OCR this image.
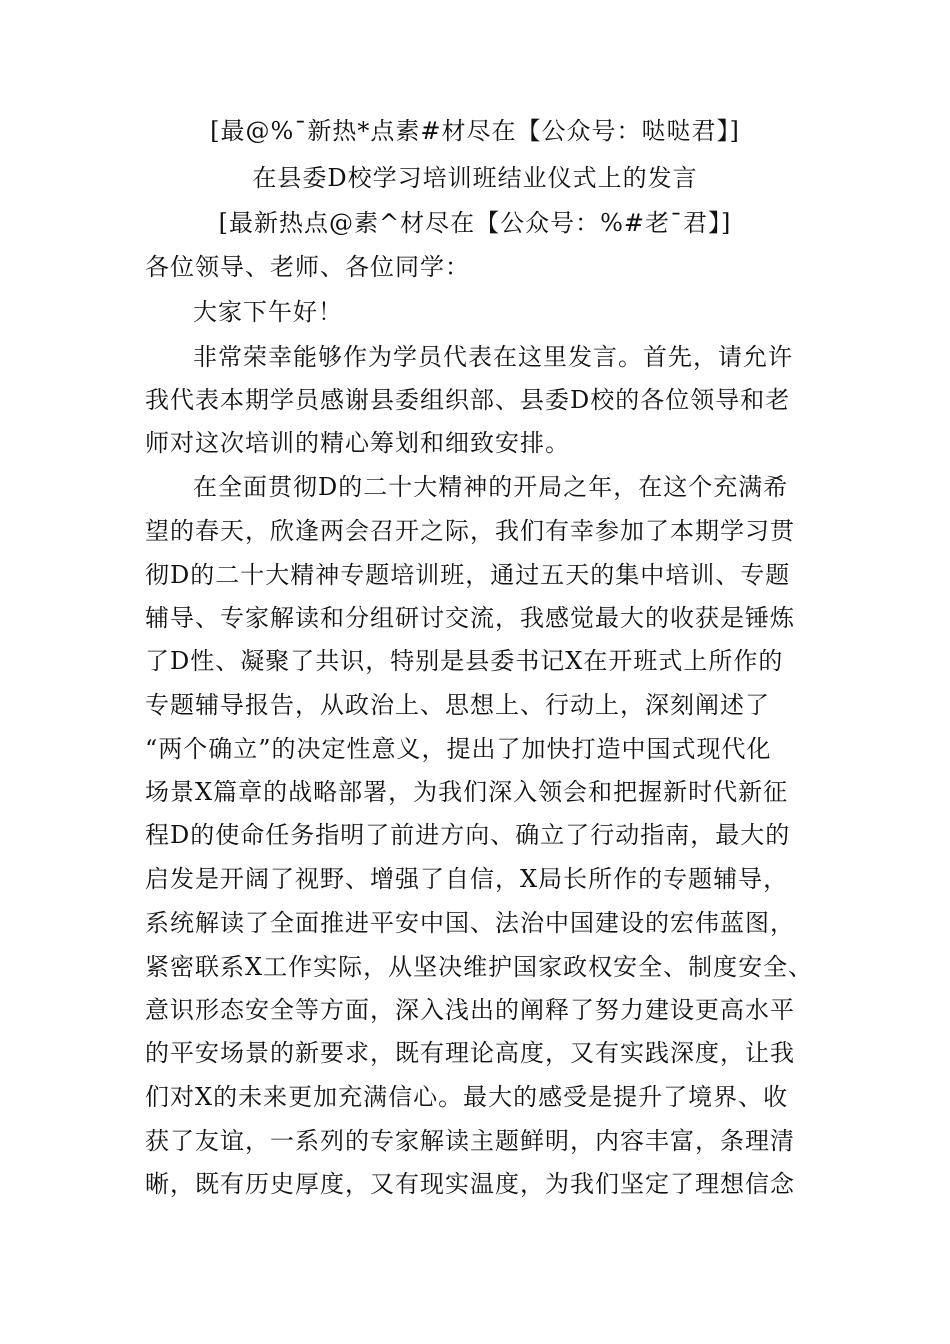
[最@%¯新热*点素#材尽在【公众号：哒哒君】]
在县委D校学习培训班结业仪式上的发言
[最新热点@素^材尽在【公众号：%#老¯君】]
各位领导、老师、各位同学：
大家下午好！
非常荣幸能够作为学员代表在这里发言。首先，请允许
我代表本期学员感谢县委组织部、县委D校的各位领导和老
师对这次培训的精心筹划和细致安排。
在全面贯彻D的二十大精神的开局之年，在这个充满希
望的春天，欣逢两会召开之际，我们有幸参加了本期学习贯
彻D的二十大精神专题培训班，通过五天的集中培训、专题
辅导、专家解读和分组研讨交流，我感觉最大的收获是锤炼
了D性、凝聚了共识，特别是县委书记X在开班式上所作的
专题辅导报告，从政治上、思想上、行动上，深刻阐述了
“两个确立”的决定性意义，提出了加快打造中国式现代化
场景X篇章的战略部署，为我们深入领会和把握新时代新征
程D的使命任务指明了前进方向、确立了行动指南，最大的
启发是开阔了视野、增强了自信，X局长所作的专题辅导，
系统解读了全面推进平安中国、法治中国建设的宏伟蓝图，
紧密联系X工作实际，从坚决维护国家政权安全、制度安全、
意识形态安全等方面，深入浅出的阐释了努力建设更高水平
的平安场景的新要求，既有理论高度，又有实践深度，让我
们对X的未来更加充满信心。最大的感受是提升了境界、收
获了友谊，一系列的专家解读主题鲜明，内容丰富，条理清
晰，既有历史厚度，又有现实温度，为我们坚定了理想信念
